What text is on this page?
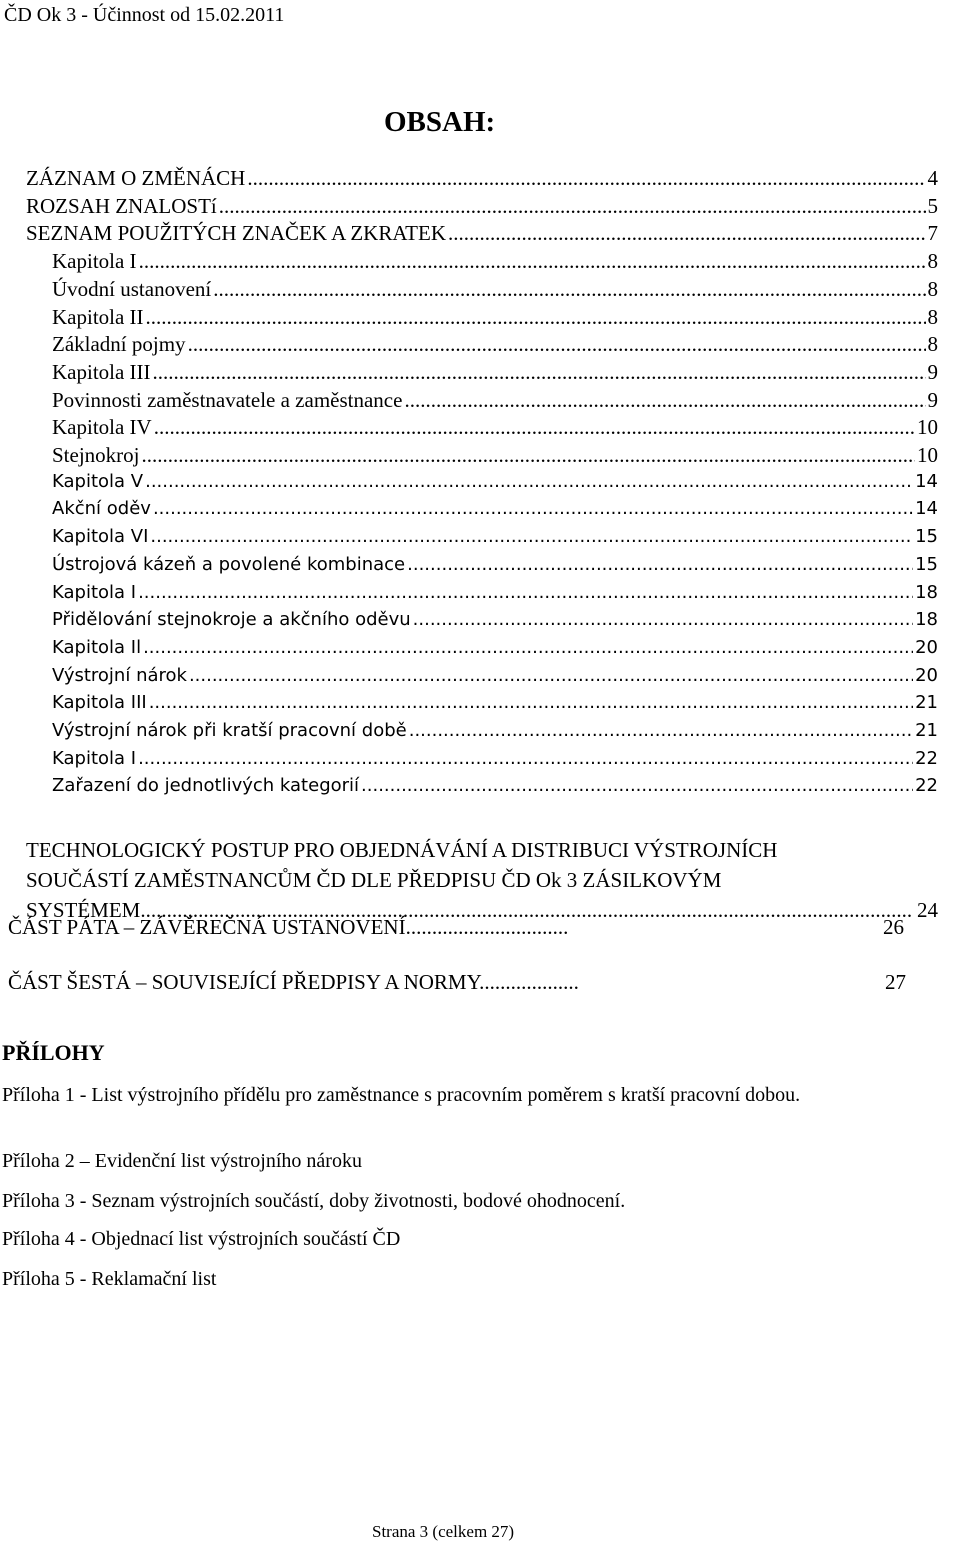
ČD Ok 3 - Účinnost od 15.02.2011
OBSAH:
ZÁZNAM O ZMĚNÁCH .....	4
ROZSAH ZNALOSTí .....	5
SEZNAM POUŽITÝCH ZNAČEK A ZKRATEK .....	7
Kapitola I .....	8
Úvodní ustanovení .....	8
Kapitola II .....	8
Základní pojmy .....	8
Kapitola III .....	9
Povinnosti zaměstnavatele a zaměstnance .....	9
Kapitola IV .....	10
Stejnokroj .....	10
Kapitola V .....	14
Akční oděv .....	14
Kapitola VI .....	15
Ústrojová kázeň a povolené kombinace .....	15
Kapitola I .....	18
Přidělování stejnokroje a akčního oděvu .....	18
Kapitola Il .....	20
Výstrojní nárok .....	20
Kapitola III .....	21
Výstrojní nárok při kratší pracovní době .....	21
Kapitola I .....	22
Zařazení do jednotlivých kategorií .....	22
TECHNOLOGICKÝ POSTUP PRO OBJEDNÁVÁNÍ A DISTRIBUCI VÝSTROJNÍCH
SOUČÁSTÍ ZAMĚSTNANCŮM ČD DLE PŘEDPISU ČD Ok 3 ZÁSILKOVÝM
SYSTÉMEM .....	24
ČÁST PÁTA – ZÁVĚREČNÁ USTANOVENÍ...............................	26
ČÁST ŠESTÁ – SOUVISEJÍCÍ PŘEDPISY A NORMY...................	27
PŘÍLOHY
Příloha 1 - List výstrojního přídělu pro zaměstnance s pracovním poměrem s kratší pracovní dobou.
Příloha 2 – Evidenční list výstrojního nároku
Příloha 3 - Seznam výstrojních součástí, doby životnosti, bodové ohodnocení.
Příloha 4 - Objednací list výstrojních součástí ČD
Příloha 5 - Reklamační list
Strana 3 (celkem 27)
